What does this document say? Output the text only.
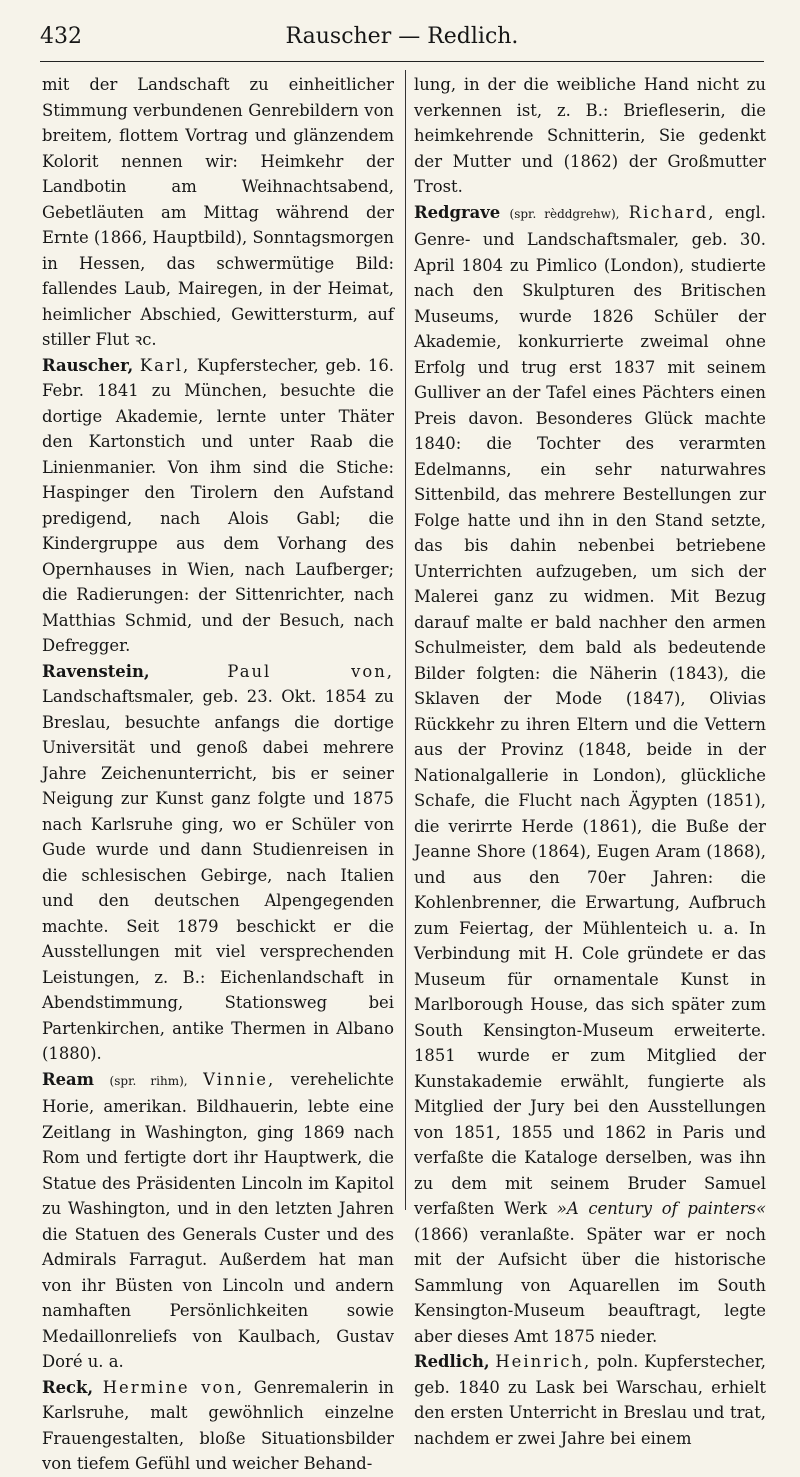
432	Rauscher — Redlich.

mit der Landschaft zu einheitlicher Stimmung verbundenen Genrebildern von breitem, flottem Vortrag und glänzendem Kolorit nennen wir: Heimkehr der Landbotin am Weihnachtsabend, Gebetläuten am Mittag während der Ernte (1866, Hauptbild), Sonntagsmorgen in Hessen, das schwermütige Bild: fallendes Laub, Mairegen, in der Heimat, heimlicher Abschied, Gewittersturm, auf stiller Flut ꝛc.

Rauscher, Karl, Kupferstecher, geb. 16. Febr. 1841 zu München, besuchte die dortige Akademie, lernte unter Thäter den Kartonstich und unter Raab die Linienmanier. Von ihm sind die Stiche: Haspinger den Tirolern den Aufstand predigend, nach Alois Gabl; die Kindergruppe aus dem Vorhang des Opernhauses in Wien, nach Laufberger; die Radierungen: der Sittenrichter, nach Matthias Schmid, und der Besuch, nach Defregger.

Ravenstein,	Paul von, Landschaftsmaler, geb. 23. Okt. 1854 zu Breslau, besuchte anfangs die dortige Universität und genoß dabei mehrere Jahre Zeichenunterricht, bis er seiner Neigung zur Kunst ganz folgte und 1875 nach Karlsruhe ging, wo er Schüler von Gude wurde und dann Studienreisen in die schlesischen Gebirge, nach Italien und den deutschen Alpengegenden machte. Seit 1879 beschickt er die Ausstellungen mit viel versprechenden Leistungen, z. B.: Eichenlandschaft in Abendstimmung, Stationsweg bei Partenkirchen, antike Thermen in Albano (1880).

Ream (spr. rihm), Vinnie, verehelichte Horie, amerikan. Bildhauerin, lebte eine Zeitlang in Washington, ging 1869 nach Rom und fertigte dort ihr Hauptwerk, die Statue des Präsidenten Lincoln im Kapitol zu Washington, und in den letzten Jahren die Statuen des Generals Custer und des Admirals Farragut. Außerdem hat man von ihr Büsten von Lincoln und andern namhaften Persönlichkeiten sowie Medaillonreliefs von Kaulbach, Gustav Doré u. a.

Reck, Hermine von, Genremalerin in Karlsruhe, malt gewöhnlich einzelne Frauengestalten, bloße Situationsbilder von tiefem Gefühl und weicher Behand-

lung, in der die weibliche Hand nicht zu verkennen ist, z. B.: Briefleserin, die heimkehrende Schnitterin, Sie gedenkt der Mutter und (1862) der Großmutter Trost.

Redgrave (spr. rèddgrehw), Richard, engl. Genre- und Landschaftsmaler, geb. 30. April 1804 zu Pimlico (London), studierte nach den Skulpturen des Britischen Museums, wurde 1826 Schüler der Akademie, konkurrierte zweimal ohne Erfolg und trug erst 1837 mit seinem Gulliver an der Tafel eines Pächters einen Preis davon. Besonderes Glück machte 1840: die Tochter des verarmten Edelmanns, ein sehr naturwahres Sittenbild, das mehrere Bestellungen zur Folge hatte und ihn in den Stand setzte, das bis dahin nebenbei betriebene Unterrichten aufzugeben, um sich der Malerei ganz zu widmen. Mit Bezug darauf malte er bald nachher den armen Schulmeister, dem bald als bedeutende Bilder folgten: die Näherin (1843), die Sklaven der Mode (1847), Olivias Rückkehr zu ihren Eltern und die Vettern aus der Provinz (1848, beide in der Nationalgallerie in London), glückliche Schafe, die Flucht nach Ägypten (1851), die verirrte Herde (1861), die Buße der Jeanne Shore (1864), Eugen Aram (1868), und aus den 70er Jahren: die Kohlenbrenner, die Erwartung, Aufbruch zum Feiertag, der Mühlenteich u. a. In Verbindung mit H. Cole gründete er das Museum für ornamentale Kunst in Marlborough House, das sich später zum South Kensington-Museum erweiterte. 1851 wurde er zum Mitglied der Kunstakademie erwählt, fungierte als Mitglied der Jury bei den Ausstellungen von 1851, 1855 und 1862 in Paris und verfaßte die Kataloge derselben, was ihn zu dem mit seinem Bruder Samuel verfaßten Werk »A century of painters« (1866) veranlaßte. Später war er noch mit der Aufsicht über die historische Sammlung von Aquarellen im South Kensington-Museum beauftragt, legte aber dieses Amt 1875 nieder.

Redlich, Heinrich, poln. Kupferstecher, geb. 1840 zu Lask bei Warschau, erhielt den ersten Unterricht in Breslau und trat, nachdem er zwei Jahre bei einem
